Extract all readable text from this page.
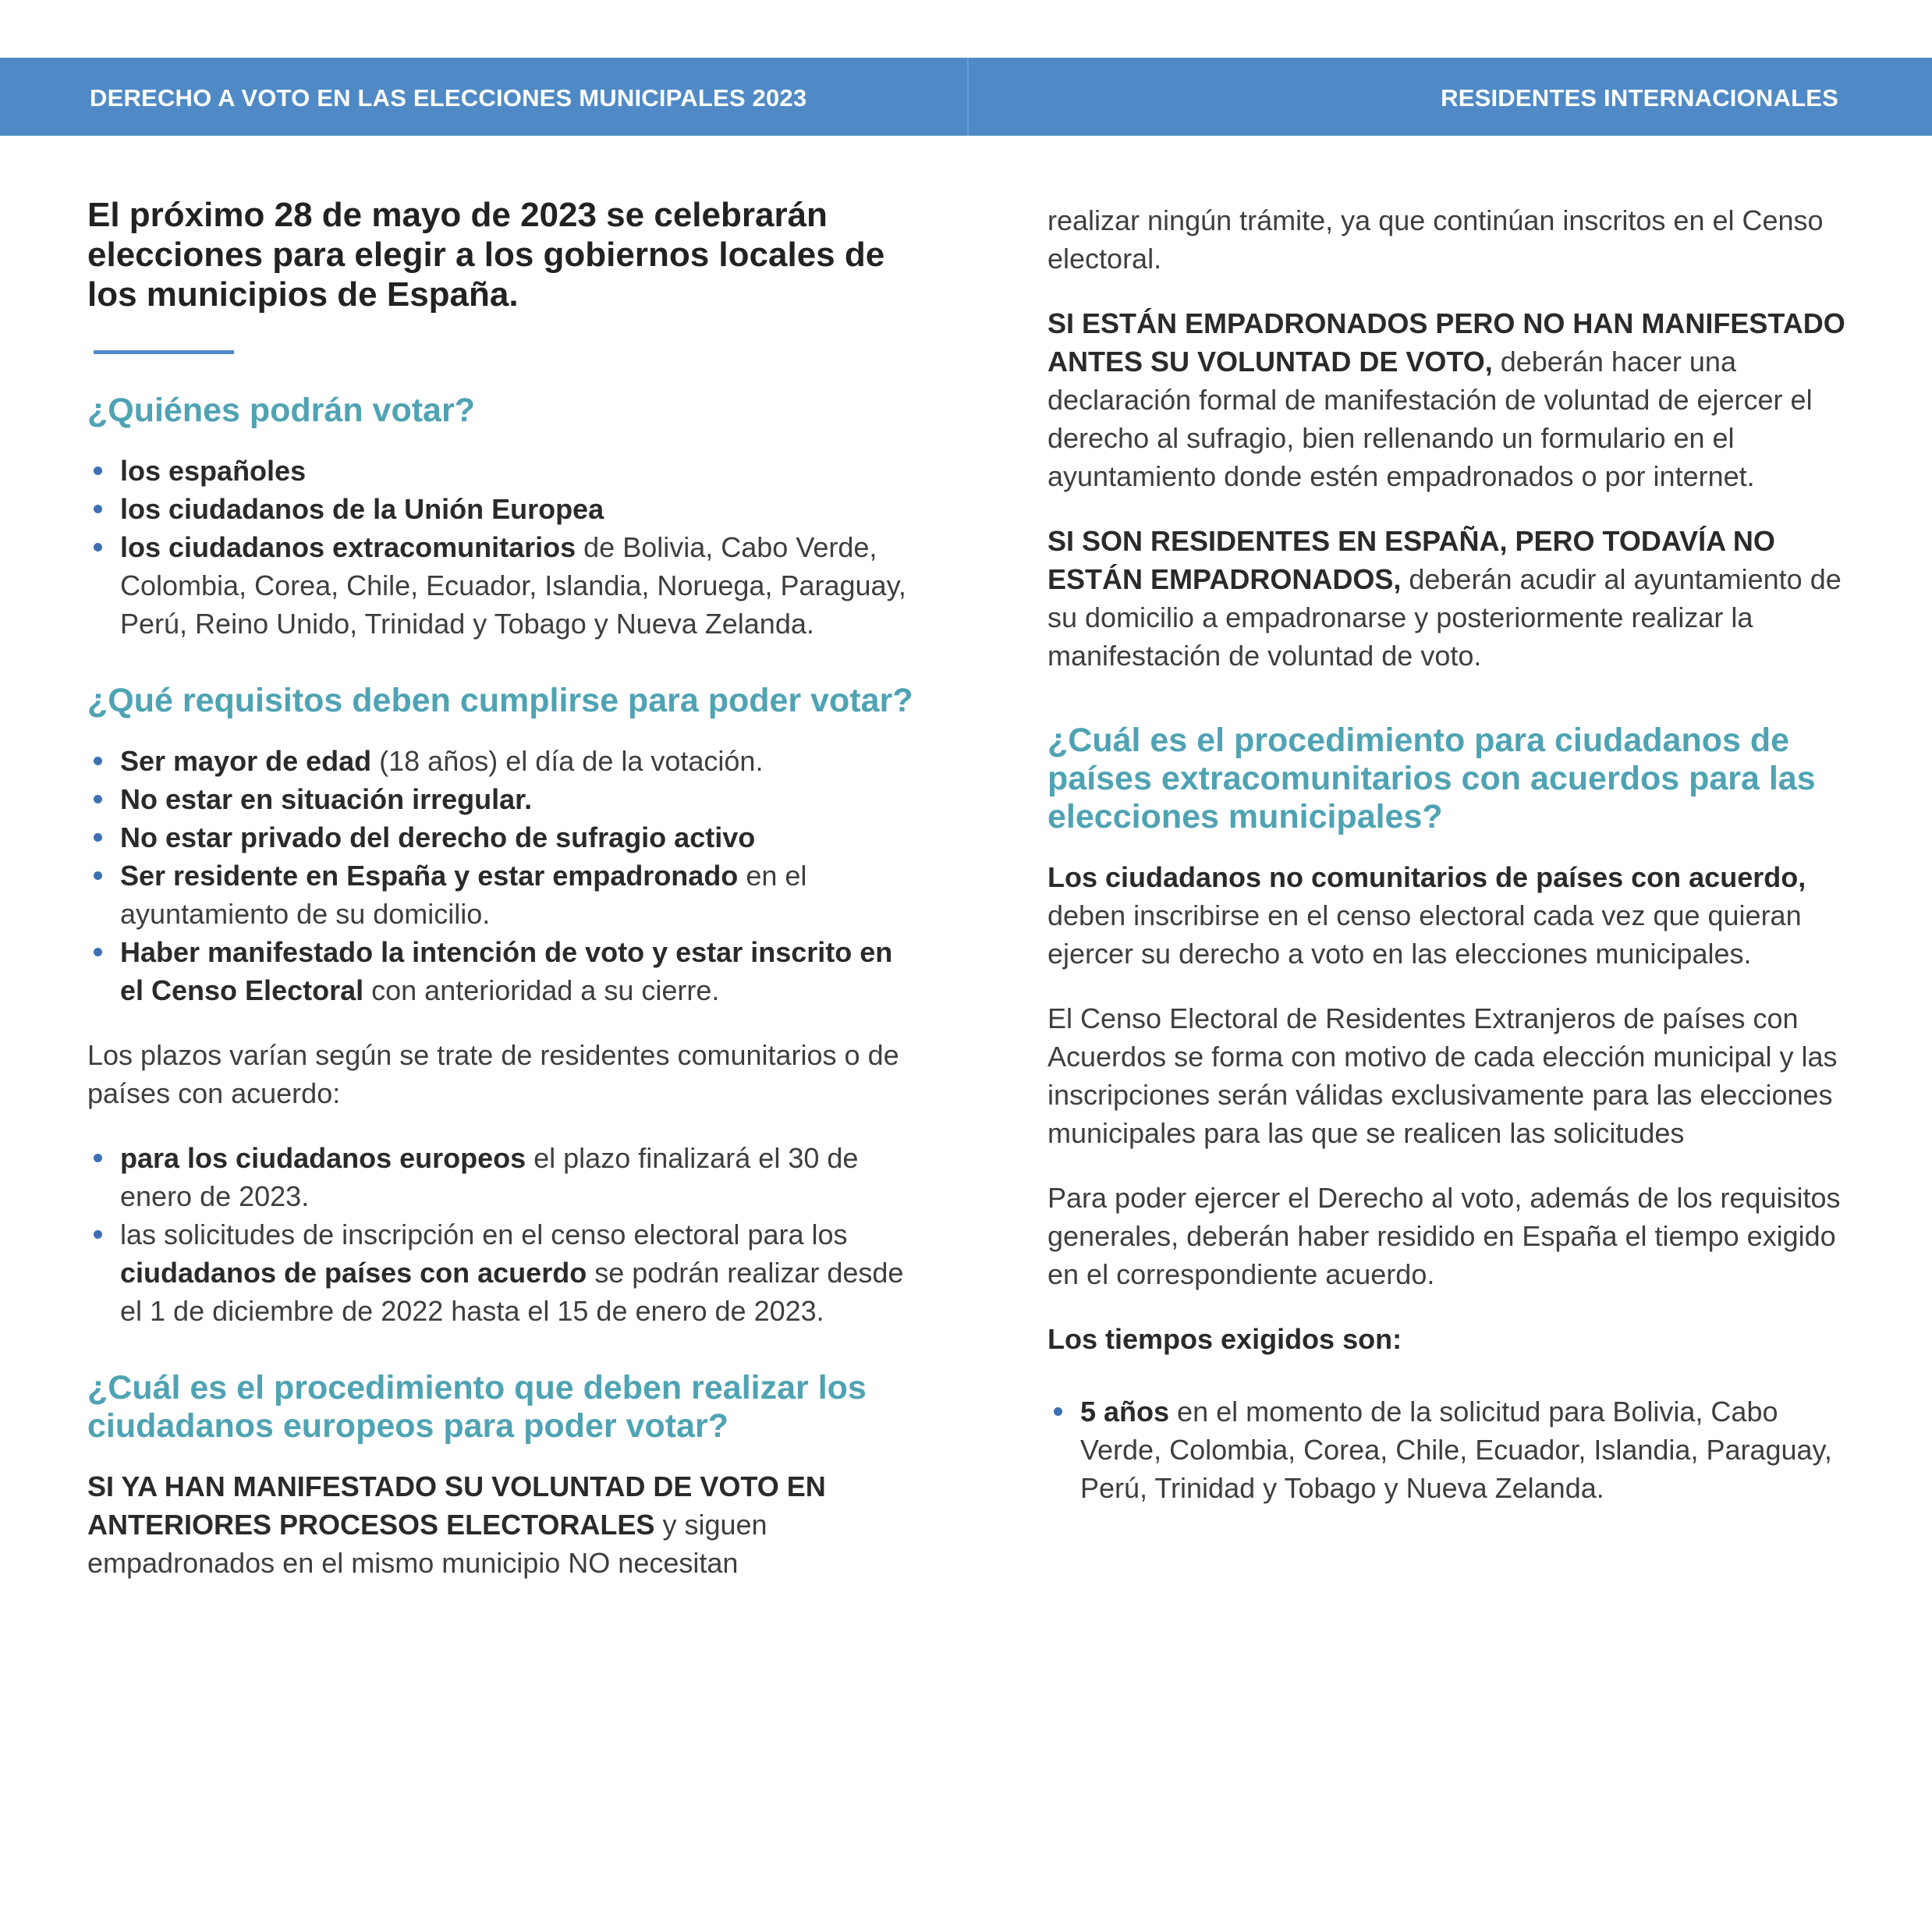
DERECHO A VOTO EN LAS ELECCIONES MUNICIPALES 2023	RESIDENTES INTERNACIONALES

El próximo 28 de mayo de 2023 se celebrarán elecciones para elegir a los gobiernos locales de los municipios de España.

¿Quiénes podrán votar?
los españoles
los ciudadanos de la Unión Europea
los ciudadanos extracomunitarios de Bolivia, Cabo Verde, Colombia, Corea, Chile, Ecuador, Islandia, Noruega, Paraguay, Perú, Reino Unido, Trinidad y Tobago y Nueva Zelanda.
¿Qué requisitos deben cumplirse para poder votar?
Ser mayor de edad (18 años) el día de la votación.
No estar en situación irregular.
No estar privado del derecho de sufragio activo
Ser residente en España y estar empadronado en el ayuntamiento de su domicilio.
Haber manifestado la intención de voto y estar inscrito en el Censo Electoral con anterioridad a su cierre.

Los plazos varían según se trate de residentes comunitarios o de países con acuerdo:

para los ciudadanos europeos el plazo finalizará el 30 de enero de 2023.
las solicitudes de inscripción en el censo electoral para los ciudadanos de países con acuerdo se podrán realizar desde el 1 de diciembre de 2022 hasta el 15 de enero de 2023.
¿Cuál es el procedimiento que deben realizar los ciudadanos europeos para poder votar?

SI YA HAN MANIFESTADO SU VOLUNTAD DE VOTO EN ANTERIORES PROCESOS ELECTORALES y siguen empadronados en el mismo municipio NO necesitan

realizar ningún trámite, ya que continúan inscritos en el Censo electoral.

SI ESTÁN EMPADRONADOS PERO NO HAN MANIFESTADO ANTES SU VOLUNTAD DE VOTO, deberán hacer una declaración formal de manifestación de voluntad de ejercer el derecho al sufragio, bien rellenando un formulario en el ayuntamiento donde estén empadronados o por internet.

SI SON RESIDENTES EN ESPAÑA, PERO TODAVÍA NO ESTÁN EMPADRONADOS, deberán acudir al ayuntamiento de su domicilio a empadronarse y posteriormente realizar la manifestación de voluntad de voto.

¿Cuál es el procedimiento para ciudadanos de países extracomunitarios con acuerdos para las elecciones municipales?

Los ciudadanos no comunitarios de países con acuerdo, deben inscribirse en el censo electoral cada vez que quieran ejercer su derecho a voto en las elecciones municipales.

El Censo Electoral de Residentes Extranjeros de países con Acuerdos se forma con motivo de cada elección municipal y las inscripciones serán válidas exclusivamente para las elecciones municipales para las que se realicen las solicitudes

Para poder ejercer el Derecho al voto, además de los requisitos generales, deberán haber residido en España el tiempo exigido en el correspondiente acuerdo.

Los tiempos exigidos son:

5 años en el momento de la solicitud para Bolivia, Cabo Verde, Colombia, Corea, Chile, Ecuador, Islandia, Paraguay, Perú, Trinidad y Tobago y Nueva Zelanda.
